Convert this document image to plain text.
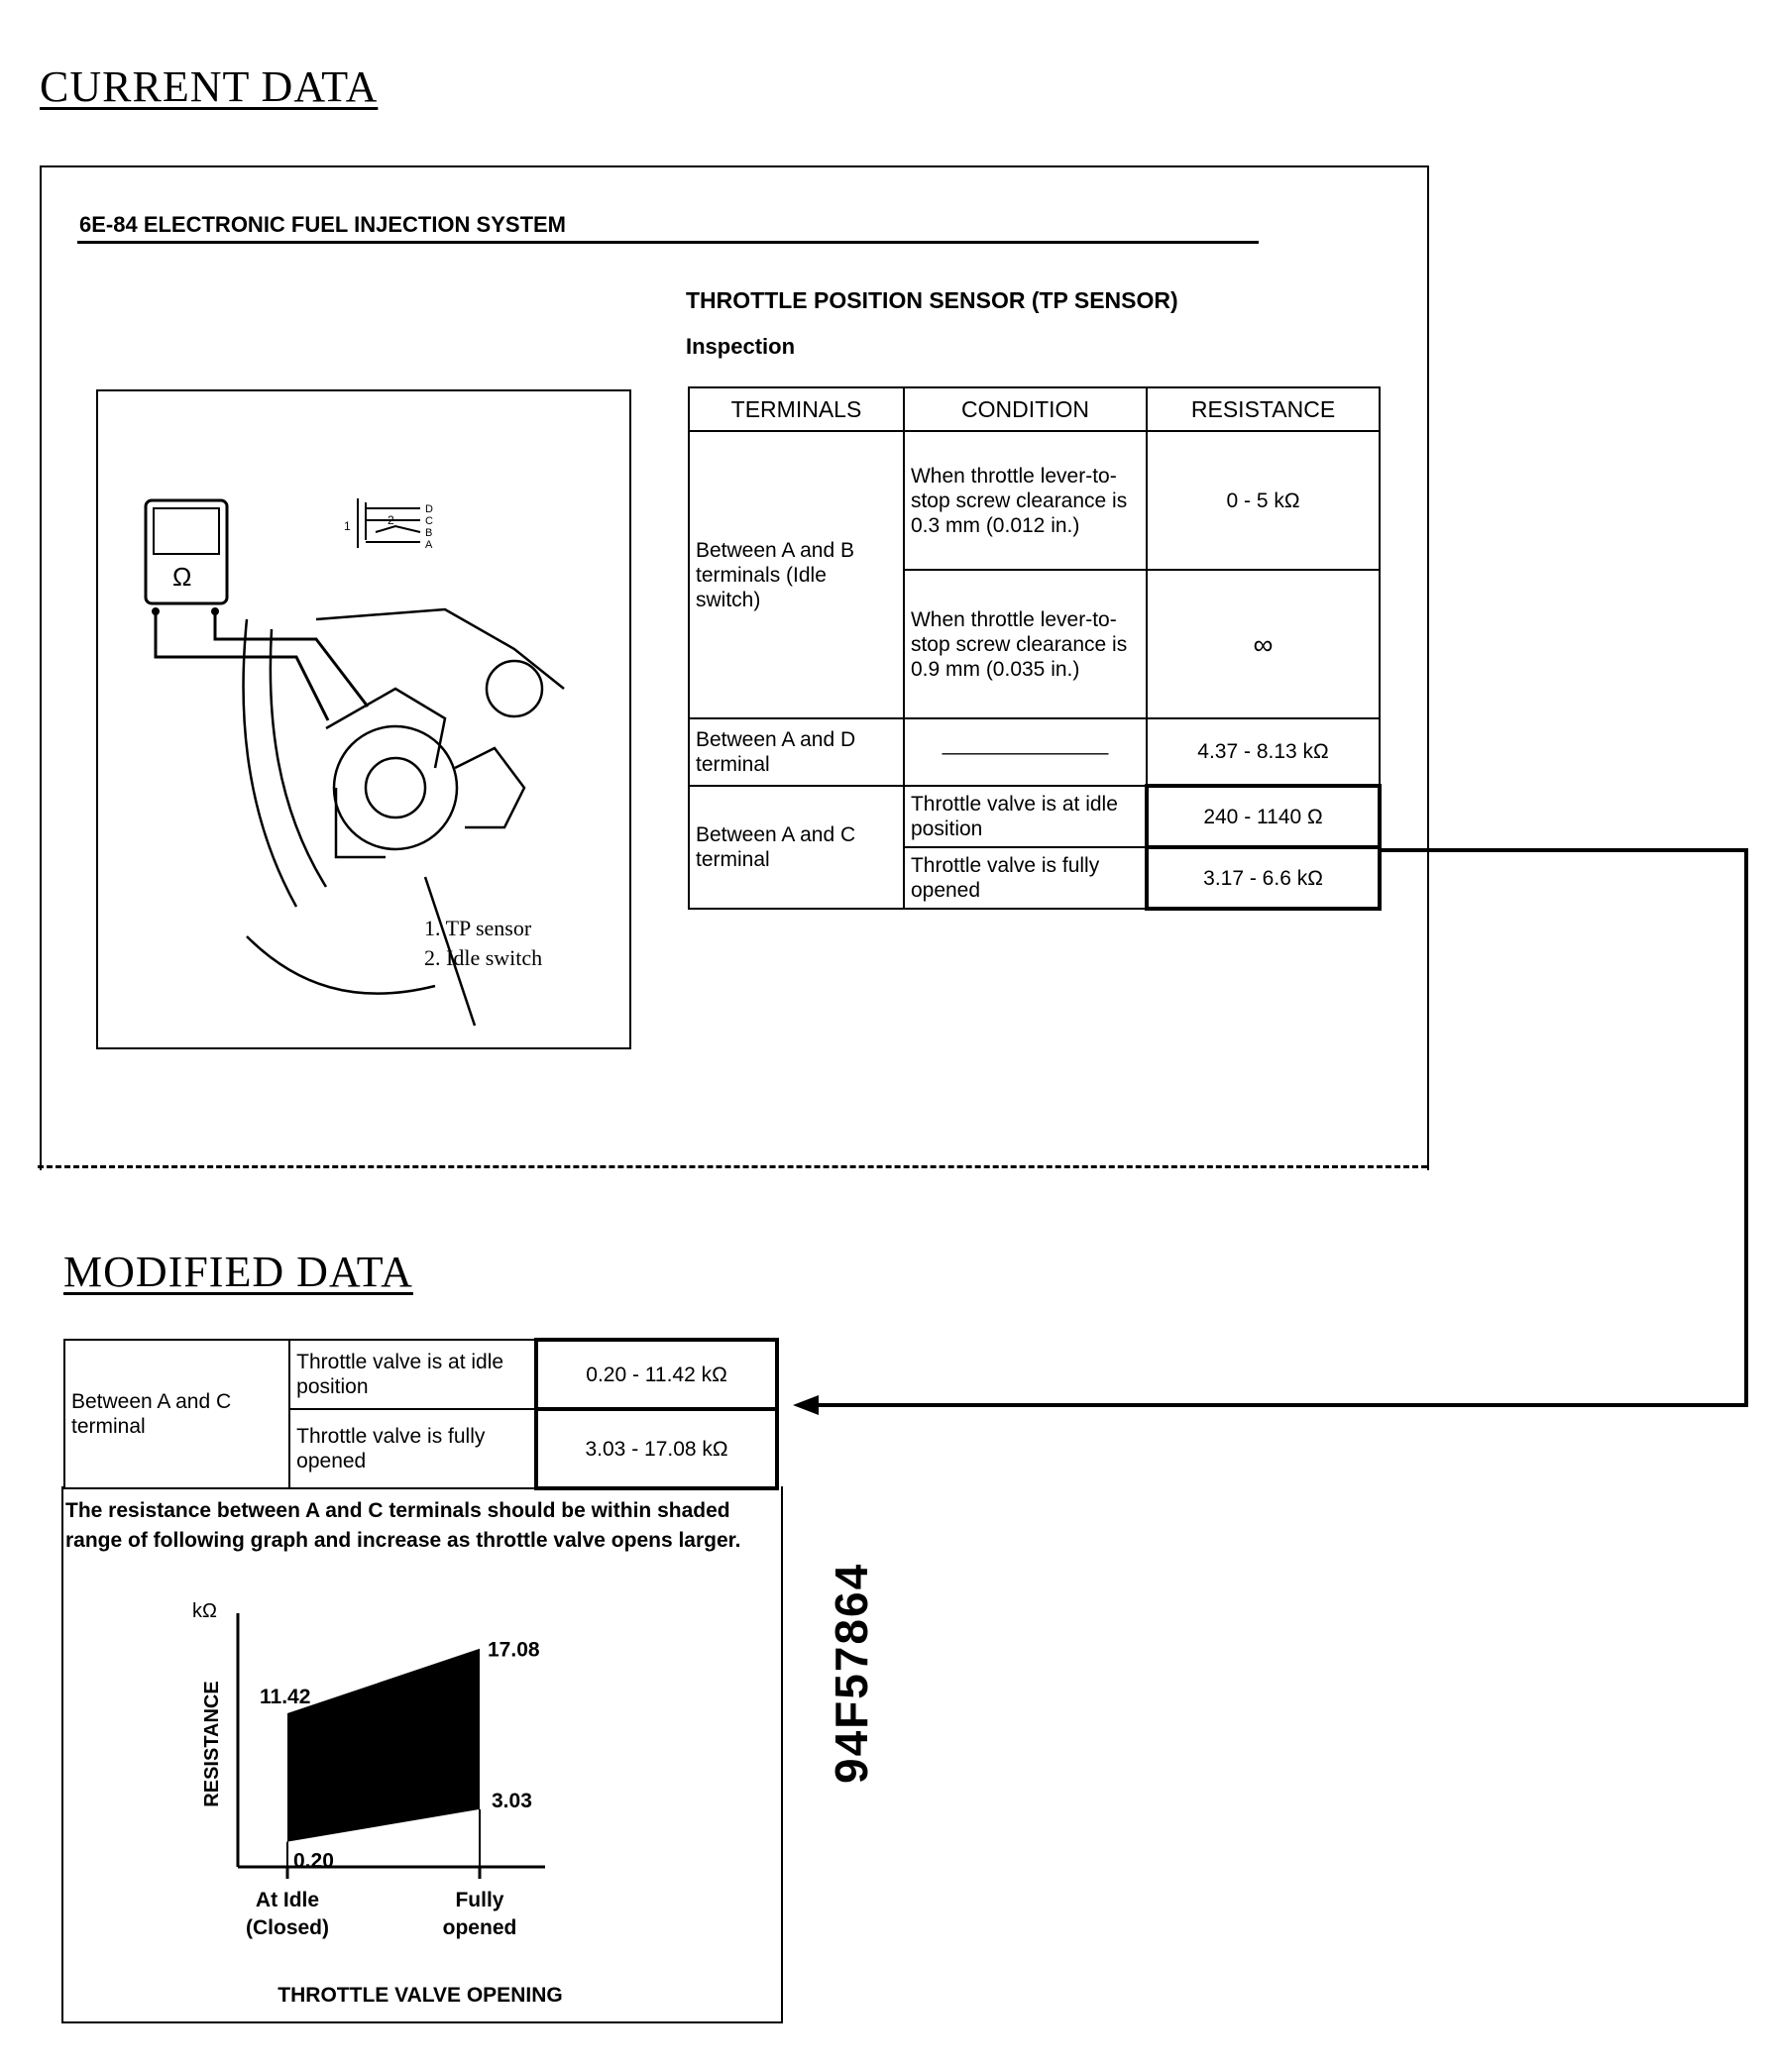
CURRENT DATA
6E-84 ELECTRONIC FUEL INJECTION SYSTEM
THROTTLE POSITION SENSOR (TP SENSOR)
Inspection
Ω
D
C
B
A
1	2
1. TP sensor
2. Idle switch
TERMINALS	CONDITION	RESISTANCE
Between A and B terminals (Idle switch)	When throttle lever-to-stop screw clearance is 0.3 mm (0.012 in.)	0 - 5 kΩ
	When throttle lever-to-stop screw clearance is 0.9 mm (0.035 in.)	∞
Between A and D terminal	————————	4.37 - 8.13 kΩ
Between A and C terminal	Throttle valve is at idle position	240 - 1140 Ω
	Throttle valve is fully opened	3.17 - 6.6 kΩ
MODIFIED DATA
Between A and C terminal	Throttle valve is at idle position	0.20 - 11.42 kΩ
	Throttle valve is fully opened	3.03 - 17.08 kΩ
The resistance between A and C terminals should be within shaded range of following graph and increase as throttle valve opens larger.
11.42
17.08
3.03
0.20
kΩ
RESISTANCE
At Idle
(Closed)
Fully
opened
THROTTLE VALVE OPENING
94F57864
